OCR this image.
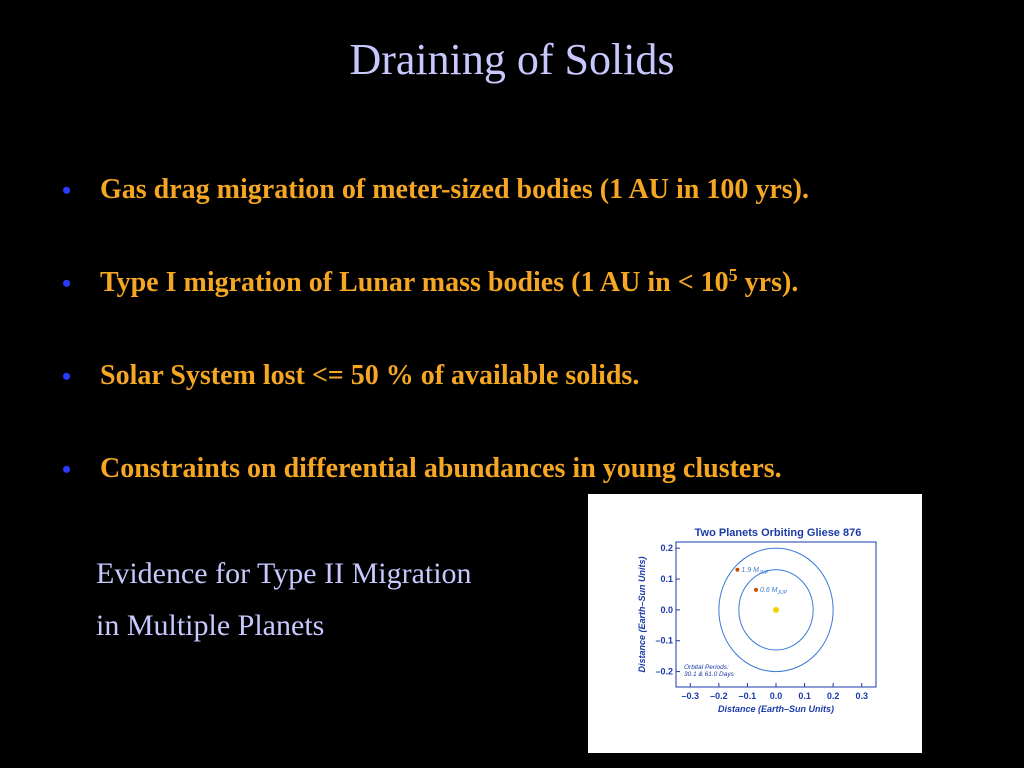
Draining of Solids
• Gas drag migration of meter-sized bodies (1 AU in 100 yrs).
• Type I migration of Lunar mass bodies (1 AU in < $10^5$ yrs).
• Solar System lost <= 50 % of available solids.
• Constraints on differential abundances in young clusters.
Evidence for Type II Migration
in Multiple Planets
Two Planets Orbiting Gliese 876
–0.3 –0.2 –0.1 0.0 0.1 0.2 0.3
0.2
0.1
0.0
–0.1
–0.2
Distance (Earth–Sun Units)
Distance (Earth–Sun Units)	1.9 $M_{JUP}$
0.6 $M_{JUP}$
Orbital Periods:
30.1 & 61.0 Days
